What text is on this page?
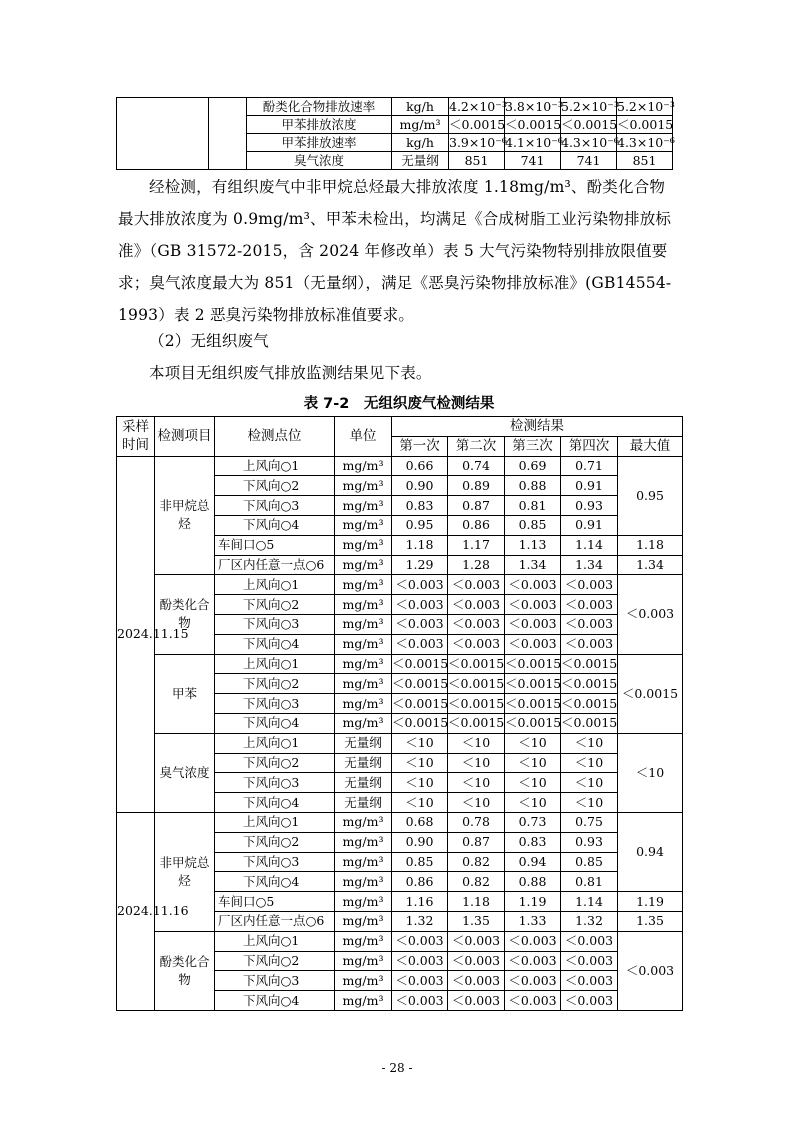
		酚类化合物排放速率	kg/h	4.2×10⁻³	3.8×10⁻³	5.2×10⁻³	5.2×10⁻³
		甲苯排放浓度	mg/m³	＜0.0015	＜0.0015	＜0.0015	＜0.0015
		甲苯排放速率	kg/h	3.9×10⁻⁶	4.1×10⁻⁶	4.3×10⁻⁶	4.3×10⁻⁶
		臭气浓度	无量纲	851	741	741	851

经检测，有组织废气中非甲烷总烃最大排放浓度 1.18mg/m³、酚类化合物最大排放浓度为 0.9mg/m³、甲苯未检出，均满足《合成树脂工业污染物排放标准》（GB 31572-2015，含 2024 年修改单）表 5 大气污染物特别排放限值要求；臭气浓度最大为 851（无量纲），满足《恶臭污染物排放标准》(GB14554-1993）表 2 恶臭污染物排放标准值要求。

（2）无组织废气

本项目无组织废气排放监测结果见下表。

表 7-2　无组织废气检测结果
采样时间	检测项目	检测点位	单位	检测结果				
				第一次	第二次	第三次	第四次	最大值
2024.11.15	非甲烷总烃	上风向○1	mg/m³	0.66	0.74	0.69	0.71	0.95
		下风向○2	mg/m³	0.90	0.89	0.88	0.91	
		下风向○3	mg/m³	0.83	0.87	0.81	0.93	
		下风向○4	mg/m³	0.95	0.86	0.85	0.91	
		车间口○5	mg/m³	1.18	1.17	1.13	1.14	1.18
		厂区内任意一点○6	mg/m³	1.29	1.28	1.34	1.34	1.34
	酚类化合物	上风向○1	mg/m³	＜0.003	＜0.003	＜0.003	＜0.003	＜0.003
		下风向○2	mg/m³	＜0.003	＜0.003	＜0.003	＜0.003	
		下风向○3	mg/m³	＜0.003	＜0.003	＜0.003	＜0.003	
		下风向○4	mg/m³	＜0.003	＜0.003	＜0.003	＜0.003	
	甲苯	上风向○1	mg/m³	＜0.0015	＜0.0015	＜0.0015	＜0.0015	＜0.0015
		下风向○2	mg/m³	＜0.0015	＜0.0015	＜0.0015	＜0.0015	
		下风向○3	mg/m³	＜0.0015	＜0.0015	＜0.0015	＜0.0015	
		下风向○4	mg/m³	＜0.0015	＜0.0015	＜0.0015	＜0.0015	
	臭气浓度	上风向○1	无量纲	＜10	＜10	＜10	＜10	＜10
		下风向○2	无量纲	＜10	＜10	＜10	＜10	
		下风向○3	无量纲	＜10	＜10	＜10	＜10	
		下风向○4	无量纲	＜10	＜10	＜10	＜10	
2024.11.16	非甲烷总烃	上风向○1	mg/m³	0.68	0.78	0.73	0.75	0.94
		下风向○2	mg/m³	0.90	0.87	0.83	0.93	
		下风向○3	mg/m³	0.85	0.82	0.94	0.85	
		下风向○4	mg/m³	0.86	0.82	0.88	0.81	
		车间口○5	mg/m³	1.16	1.18	1.19	1.14	1.19
		厂区内任意一点○6	mg/m³	1.32	1.35	1.33	1.32	1.35
	酚类化合物	上风向○1	mg/m³	＜0.003	＜0.003	＜0.003	＜0.003	＜0.003
		下风向○2	mg/m³	＜0.003	＜0.003	＜0.003	＜0.003	
		下风向○3	mg/m³	＜0.003	＜0.003	＜0.003	＜0.003	
		下风向○4	mg/m³	＜0.003	＜0.003	＜0.003	＜0.003	
- 28 -
